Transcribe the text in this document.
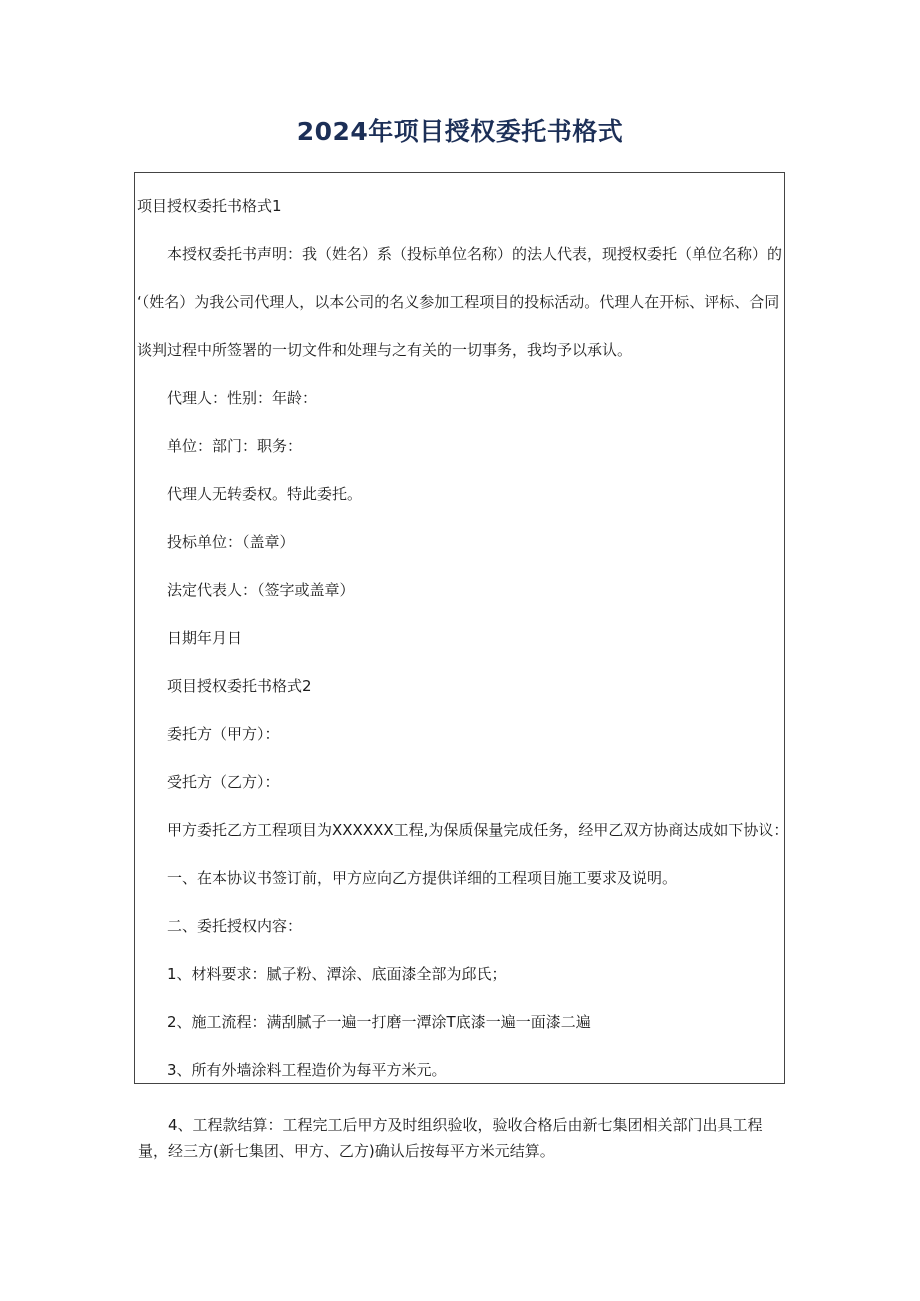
2024年项目授权委托书格式
项目授权委托书格式1
本授权委托书声明：我（姓名）系（投标单位名称）的法人代表，现授权委托（单位名称）的
‘（姓名）为我公司代理人，以本公司的名义参加工程项目的投标活动。代理人在开标、评标、合同
谈判过程中所签署的一切文件和处理与之有关的一切事务，我均予以承认。
代理人：性别：年龄：
单位：部门：职务：
代理人无转委权。特此委托。
投标单位：（盖章）
法定代表人：（签字或盖章）
日期年月日
项目授权委托书格式2
委托方（甲方）：
受托方（乙方）：
甲方委托乙方工程项目为XXXXXX工程,为保质保量完成任务，经甲乙双方协商达成如下协议：
一、在本协议书签订前，甲方应向乙方提供详细的工程项目施工要求及说明。
二、委托授权内容：
1、材料要求：腻子粉、潭涂、底面漆全部为邱氏；
2、施工流程：满刮腻子一遍一打磨一潭涂T底漆一遍一面漆二遍
3、所有外墙涂料工程造价为每平方米元。
4、工程款结算：工程完工后甲方及时组织验收，验收合格后由新七集团相关部门出具工程量，经三方(新七集团、甲方、乙方)确认后按每平方米元结算。
